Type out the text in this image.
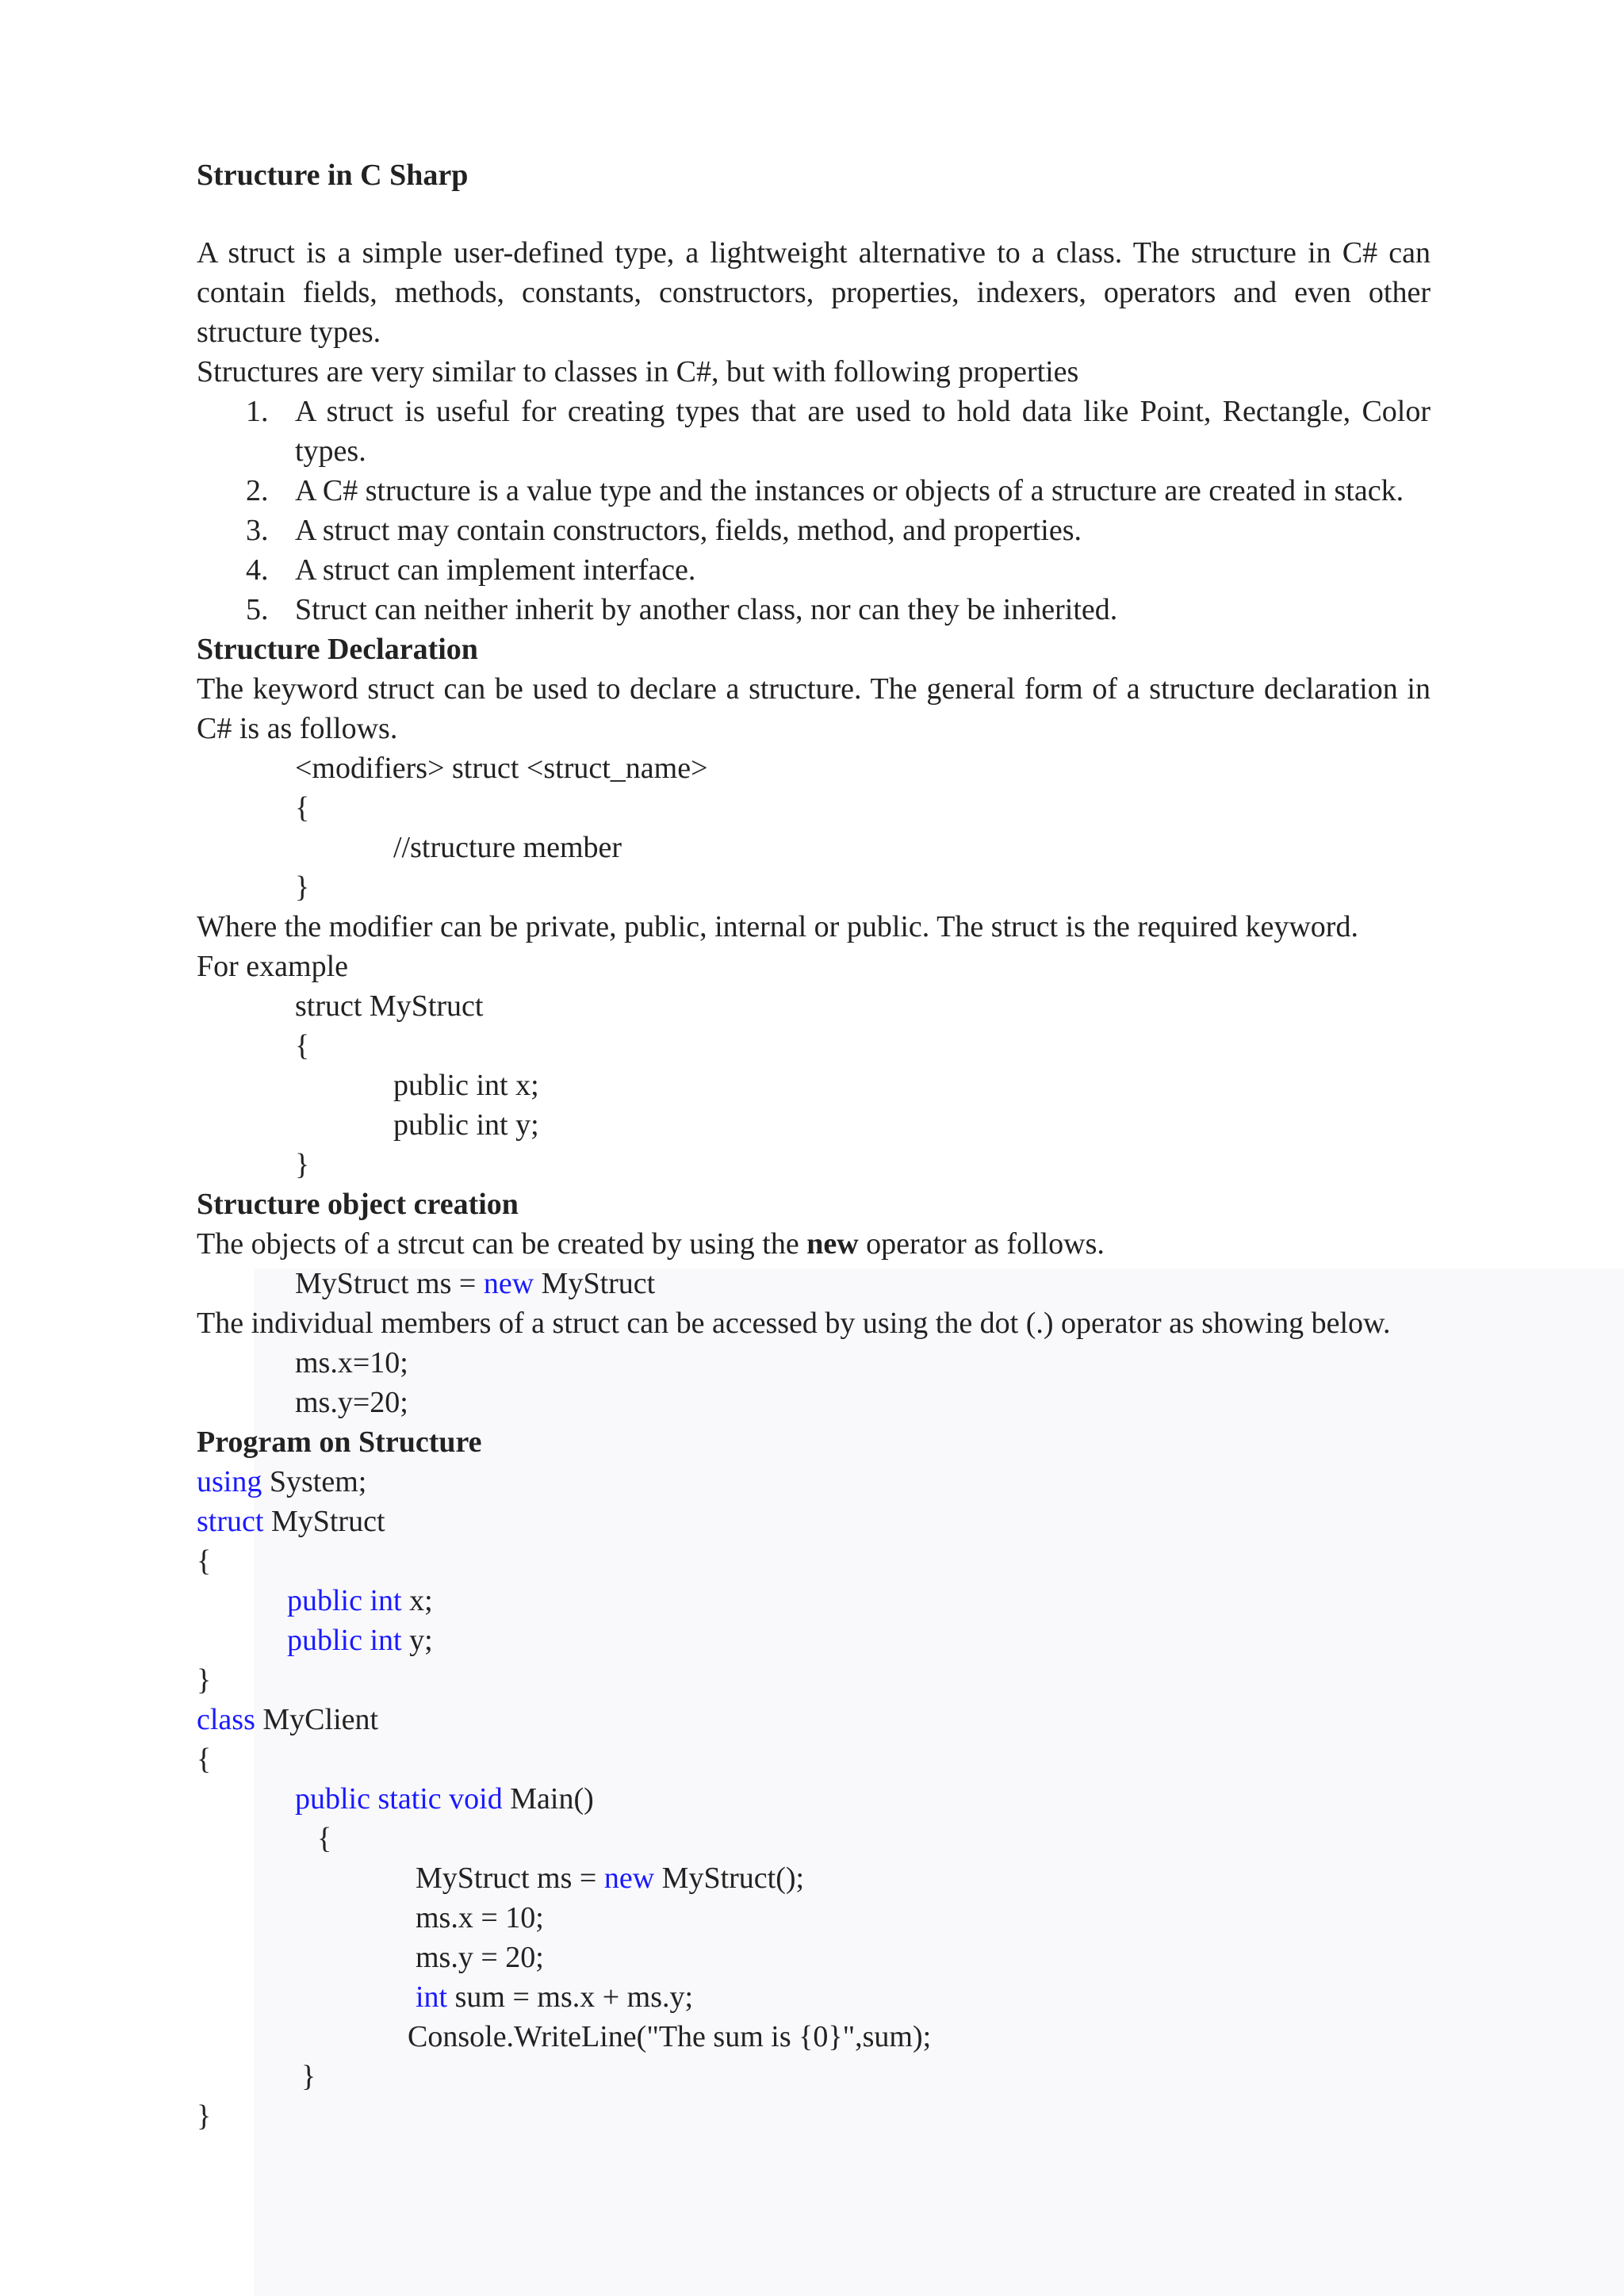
Structure in C Sharp

A struct is a simple user-defined type, a lightweight alternative to a class. The structure in C# can contain fields, methods, constants, constructors, properties, indexers, operators and even other structure types.

Structures are very similar to classes in C#, but with following properties

1. A struct is useful for creating types that are used to hold data like Point, Rectangle, Color types.
2. A C# structure is a value type and the instances or objects of a structure are created in stack.
3. A struct may contain constructors, fields, method, and properties.
4. A struct can implement interface.
5. Struct can neither inherit by another class, nor can they be inherited.

Structure Declaration

The keyword struct can be used to declare a structure. The general form of a structure declaration in C# is as follows.

<modifiers> struct <struct_name>

{

//structure member

}

Where the modifier can be private, public, internal or public. The struct is the required keyword.

For example

struct MyStruct

{

public int x;

public int y;

}

Structure object creation

The objects of a strcut can be created by using the new operator as follows.

MyStruct ms = new MyStruct

The individual members of a struct can be accessed by using the dot (.) operator as showing below.

ms.x=10;

ms.y=20;

Program on Structure

using System;

struct MyStruct

{

public int x;

public int y;

}

class MyClient

{

public static void Main()

{

MyStruct ms = new MyStruct();

ms.x = 10;

ms.y = 20;

int sum = ms.x + ms.y;

Console.WriteLine("The sum is {0}",sum);

}

}
